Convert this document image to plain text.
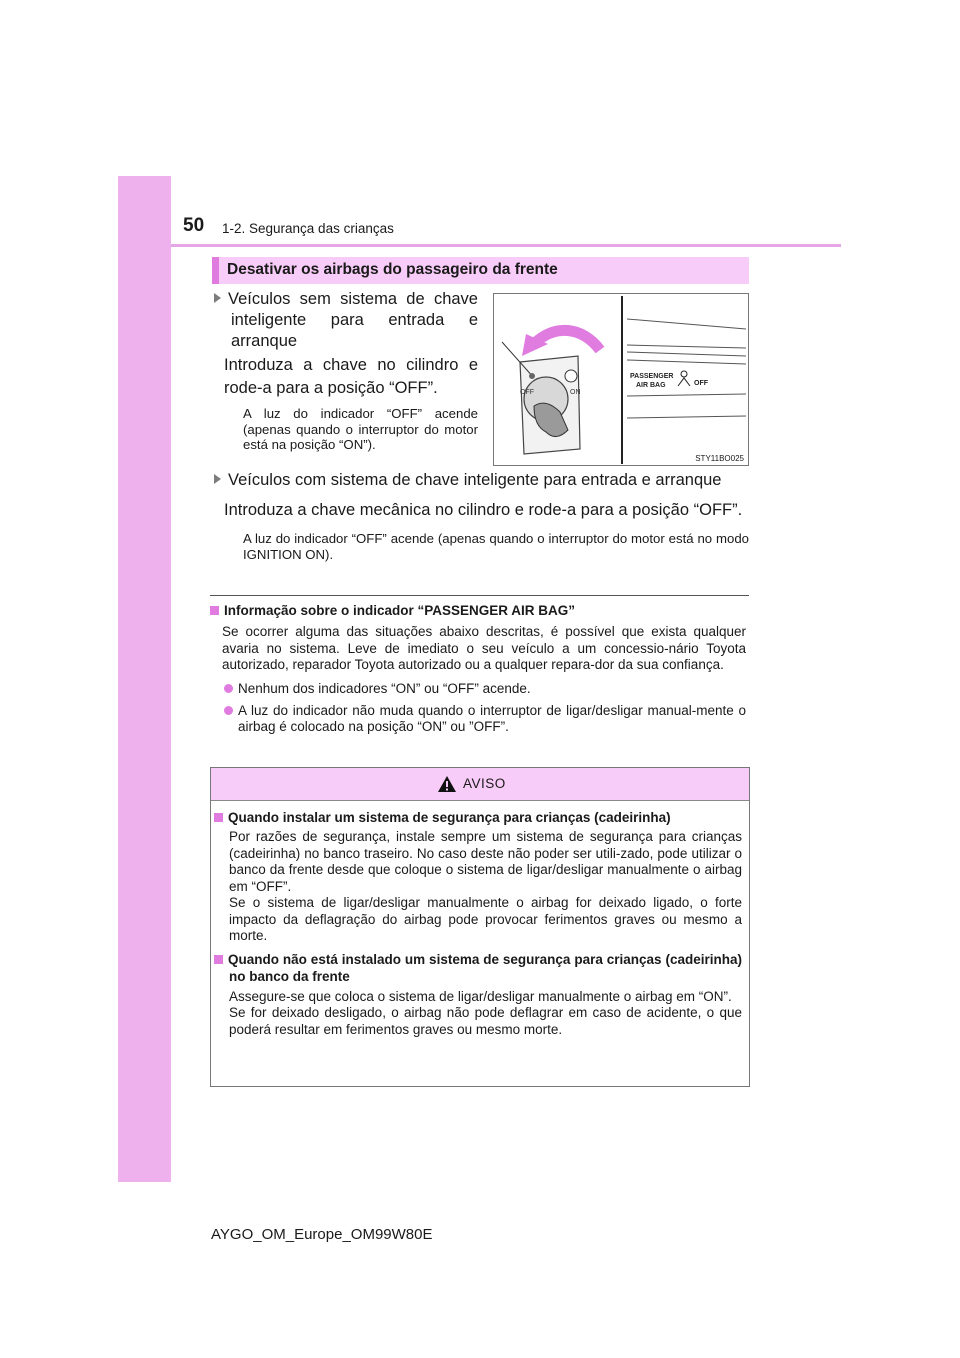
50 1-2. Segurança das crianças
Desativar os airbags do passageiro da frente
Veículos sem sistema de chave inteligente para entrada e arranque
Introduza a chave no cilindro e rode-a para a posição “OFF”.
A luz do indicador “OFF” acende (apenas quando o interruptor do motor está na posição “ON”).
OFF	ON
PASSENGER
AIR BAG	OFF
STY11BO025
Veículos com sistema de chave inteligente para entrada e arranque
Introduza a chave mecânica no cilindro e rode-a para a posição “OFF”.
A luz do indicador “OFF” acende (apenas quando o interruptor do motor está no modo IGNITION ON).
Informação sobre o indicador “PASSENGER AIR BAG”
Se ocorrer alguma das situações abaixo descritas, é possível que exista qualquer avaria no sistema. Leve de imediato o seu veículo a um concessio-nário Toyota autorizado, reparador Toyota autorizado ou a qualquer repara-dor da sua confiança.
Nenhum dos indicadores “ON” ou “OFF” acende.
A luz do indicador não muda quando o interruptor de ligar/desligar manual-mente o airbag é colocado na posição “ON” ou ”OFF”.
AVISO
Quando instalar um sistema de segurança para crianças (cadeirinha)
Por razões de segurança, instale sempre um sistema de segurança para crianças (cadeirinha) no banco traseiro. No caso deste não poder ser utili-zado, pode utilizar o banco da frente desde que coloque o sistema de ligar/desligar manualmente o airbag em “OFF”.
Se o sistema de ligar/desligar manualmente o airbag for deixado ligado, o forte impacto da deflagração do airbag pode provocar ferimentos graves ou mesmo a morte.
Quando não está instalado um sistema de segurança para crianças (cadeirinha) no banco da frente
Assegure-se que coloca o sistema de ligar/desligar manualmente o airbag em “ON”.
Se for deixado desligado, o airbag não pode deflagrar em caso de acidente, o que poderá resultar em ferimentos graves ou mesmo morte.
AYGO_OM_Europe_OM99W80E
